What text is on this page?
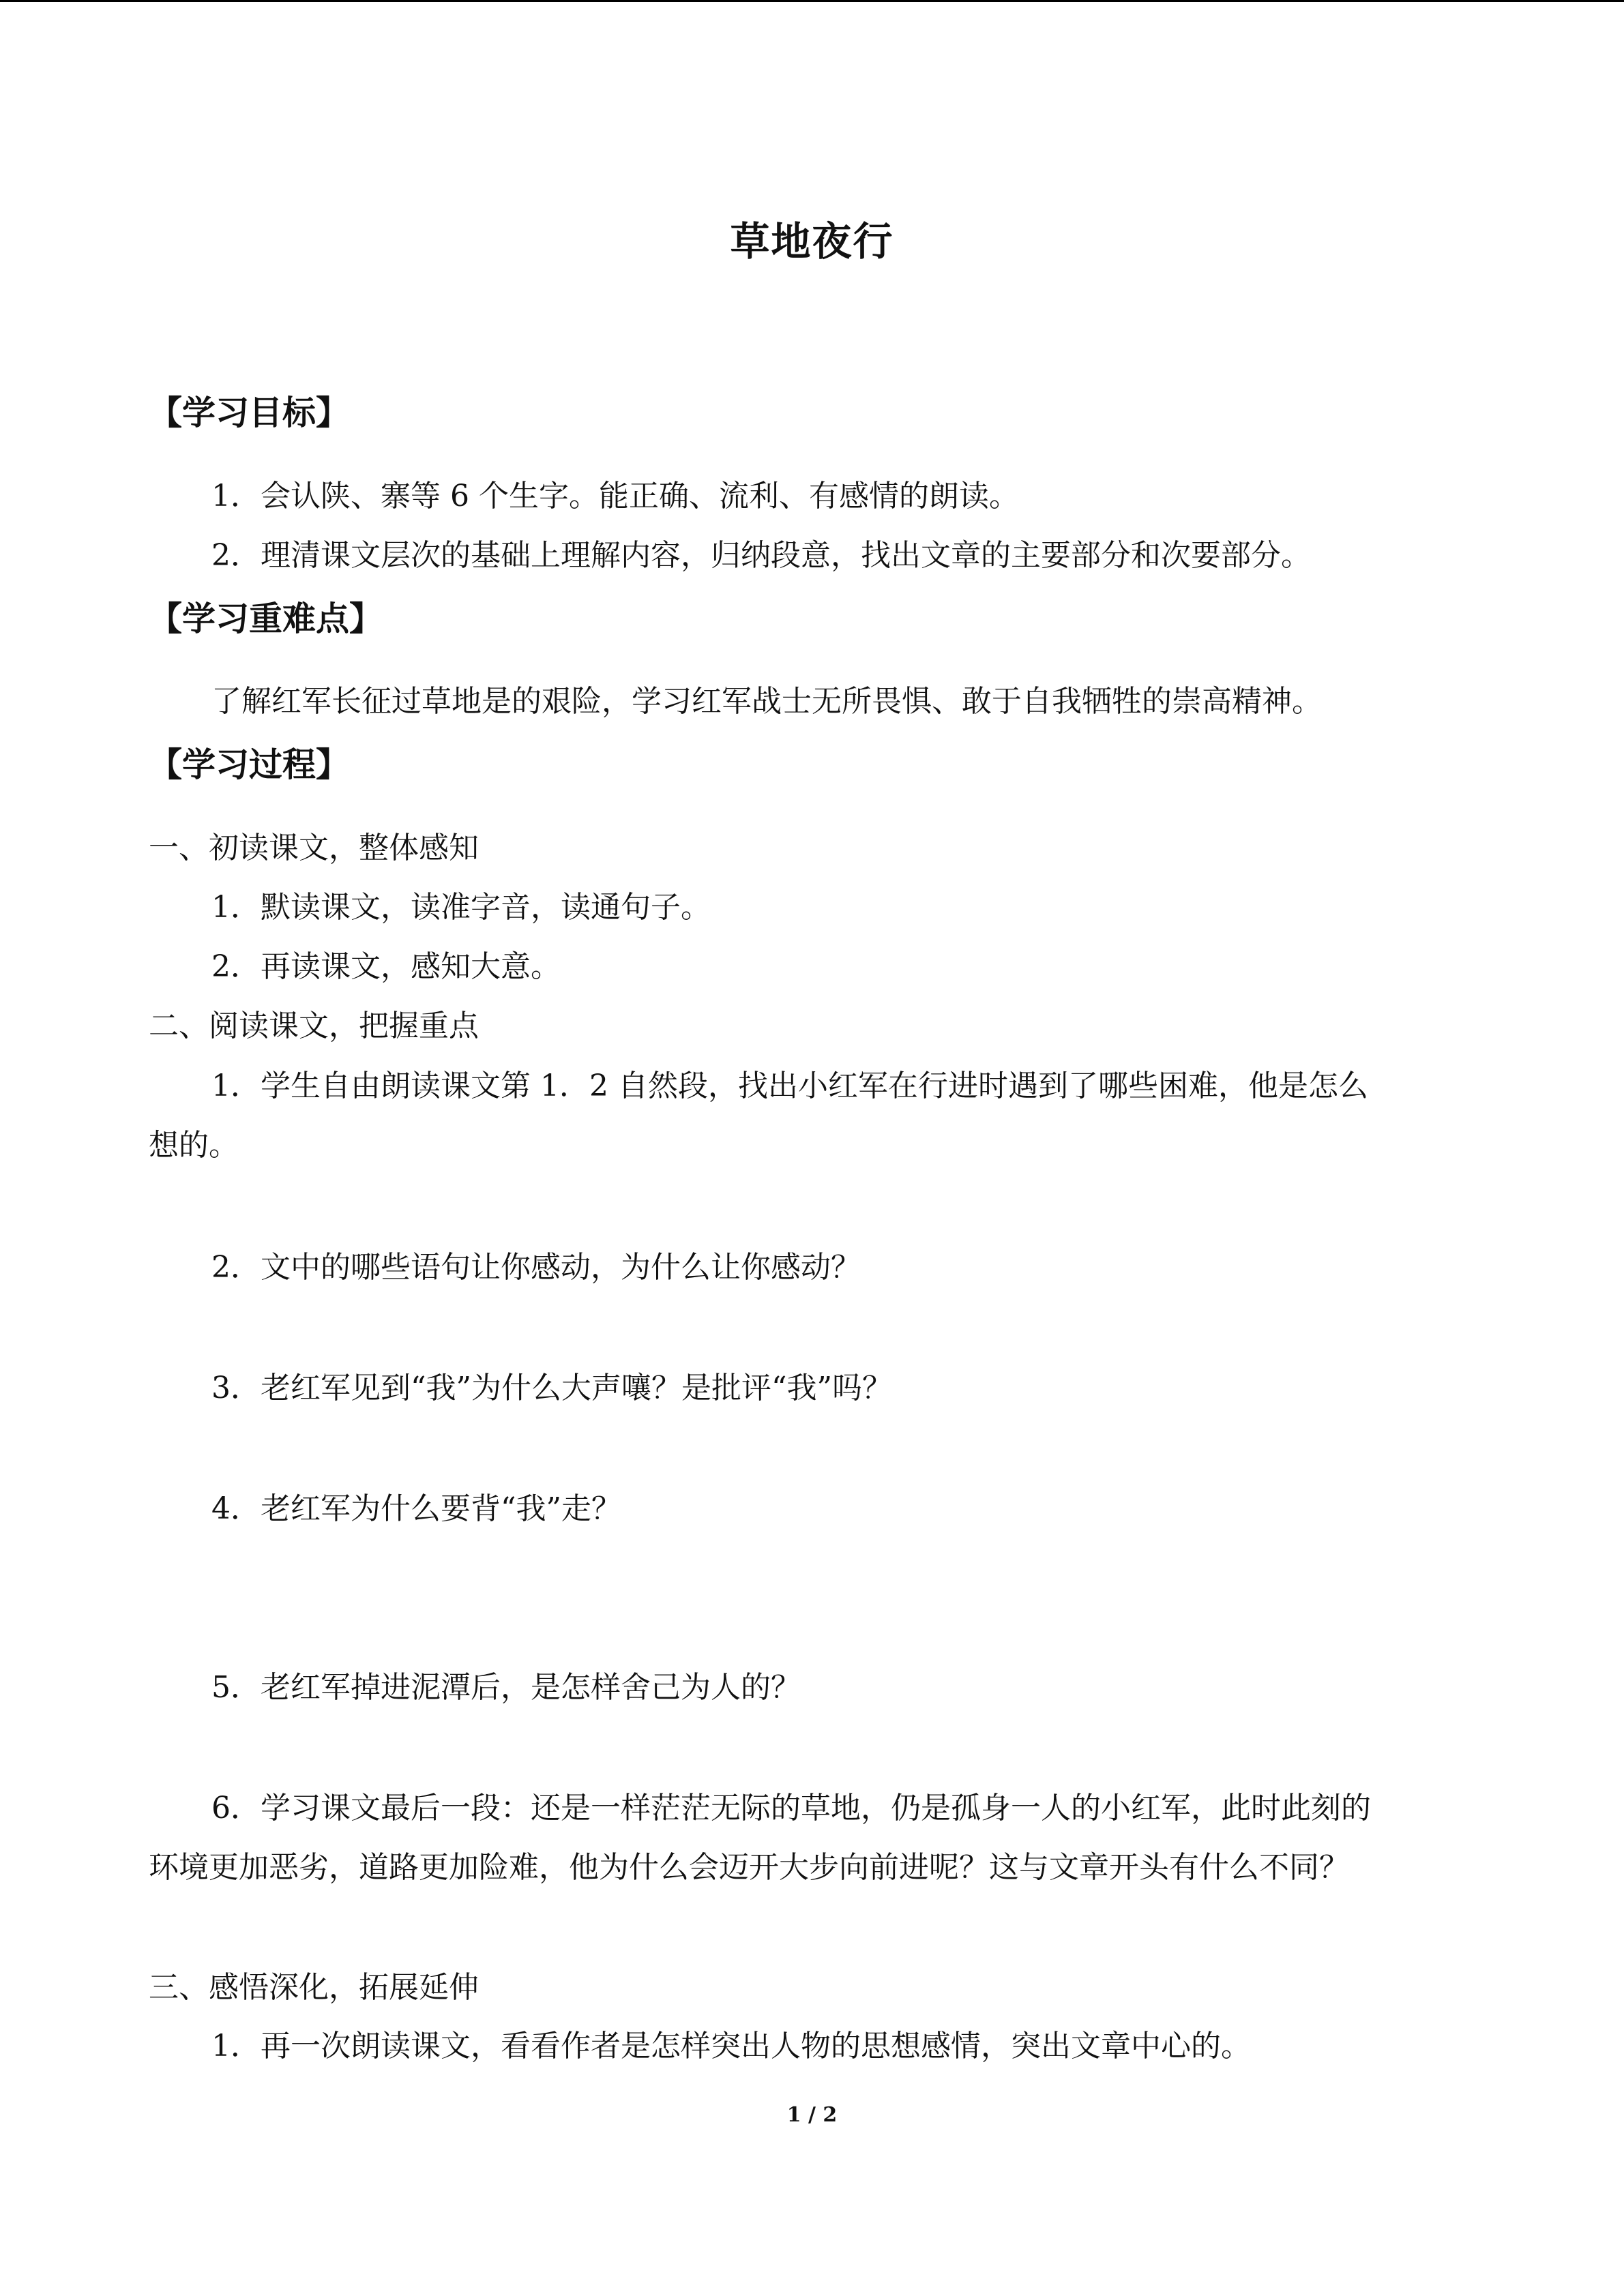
草地夜行
【学习目标】
1．会认陕、寨等 6 个生字。能正确、流利、有感情的朗读。
2．理清课文层次的基础上理解内容，归纳段意，找出文章的主要部分和次要部分。
【学习重难点】
了解红军长征过草地是的艰险，学习红军战士无所畏惧、敢于自我牺牲的崇高精神。
【学习过程】
一、初读课文，整体感知
1．默读课文，读准字音，读通句子。
2．再读课文，感知大意。
二、阅读课文，把握重点
1．学生自由朗读课文第 1．2 自然段，找出小红军在行进时遇到了哪些困难，他是怎么
想的。
2．文中的哪些语句让你感动，为什么让你感动？
3．老红军见到“我”为什么大声嚷？是批评“我”吗？
4．老红军为什么要背“我”走？
5．老红军掉进泥潭后，是怎样舍己为人的？
6．学习课文最后一段：还是一样茫茫无际的草地，仍是孤身一人的小红军，此时此刻的
环境更加恶劣，道路更加险难，他为什么会迈开大步向前进呢？这与文章开头有什么不同？
三、感悟深化，拓展延伸
1．再一次朗读课文，看看作者是怎样突出人物的思想感情，突出文章中心的。
1 / 2
